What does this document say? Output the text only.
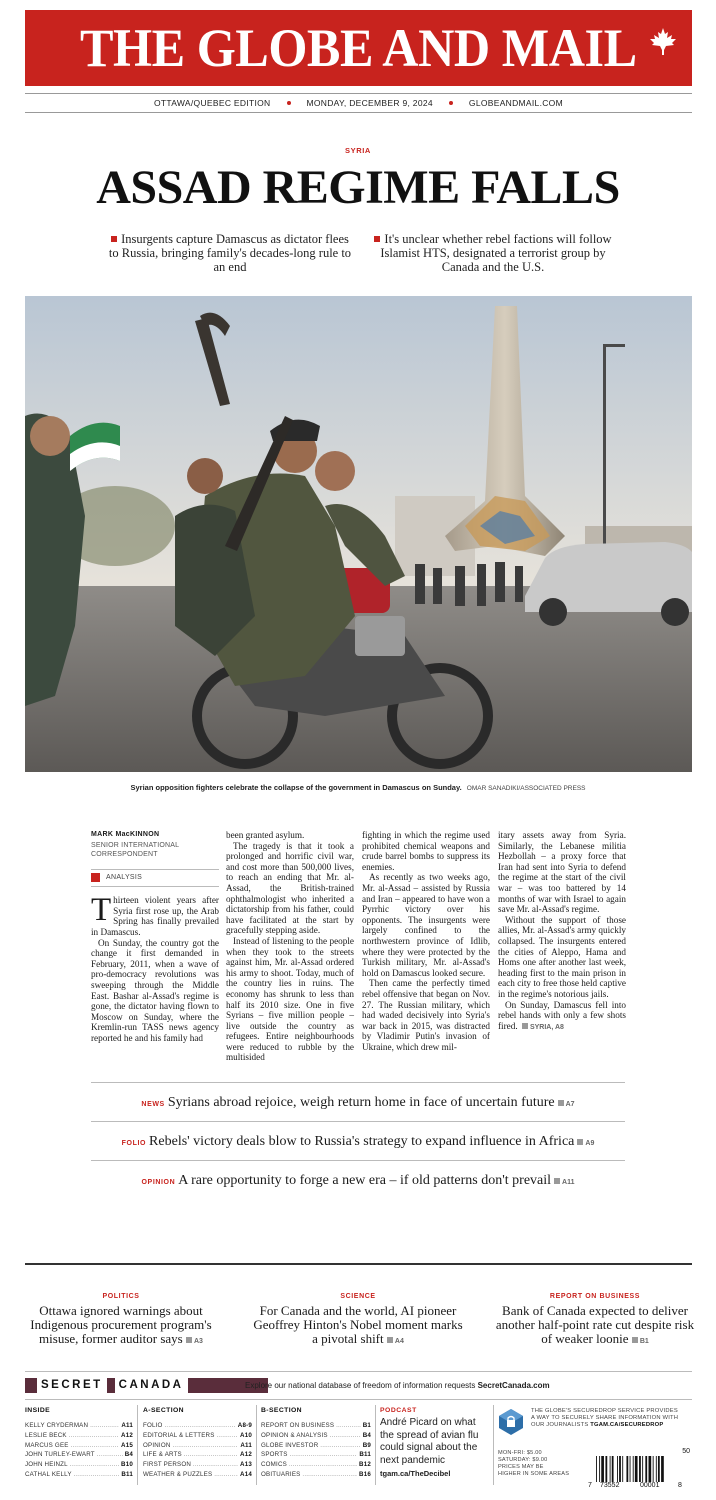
THE GLOBE AND MAIL
OTTAWA/QUEBEC EDITION	MONDAY, DECEMBER 9, 2024	GLOBEANDMAIL.COM
SYRIA
ASSAD REGIME FALLS
Insurgents capture Damascus as dictator flees to Russia, bringing family's decades-long rule to an end
It's unclear whether rebel factions will follow Islamist HTS, designated a terrorist group by Canada and the U.S.
Syrian opposition fighters celebrate the collapse of the government in Damascus on Sunday. OMAR SANADIKI/ASSOCIATED PRESS
MARK MacKINNON
SENIOR INTERNATIONAL
CORRESPONDENT
ANALYSIS

Thirteen violent years after Syria first rose up, the Arab Spring has finally prevailed in Damascus.

On Sunday, the country got the change it first demanded in February, 2011, when a wave of pro-democracy revolutions was sweeping through the Middle East. Bashar al-Assad's regime is gone, the dictator having flown to Moscow on Sunday, where the Kremlin-run TASS news agency reported he and his family had

been granted asylum.

The tragedy is that it took a prolonged and horrific civil war, and cost more than 500,000 lives, to reach an ending that Mr. al-Assad, the British-trained ophthalmologist who inherited a dictatorship from his father, could have facilitated at the start by gracefully stepping aside.

Instead of listening to the people when they took to the streets against him, Mr. al-Assad ordered his army to shoot. Today, much of the country lies in ruins. The economy has shrunk to less than half its 2010 size. One in five Syrians – five million people – live outside the country as refugees. Entire neighbourhoods were reduced to rubble by the multisided

fighting in which the regime used prohibited chemical weapons and crude barrel bombs to suppress its enemies.

As recently as two weeks ago, Mr. al-Assad – assisted by Russia and Iran – appeared to have won a Pyrrhic victory over his opponents. The insurgents were largely confined to the northwestern province of Idlib, where they were protected by the Turkish military, Mr. al-Assad's hold on Damascus looked secure.

Then came the perfectly timed rebel offensive that began on Nov. 27. The Russian military, which had waded decisively into Syria's war back in 2015, was distracted by Vladimir Putin's invasion of Ukraine, which drew mil-

itary assets away from Syria. Similarly, the Lebanese militia Hezbollah – a proxy force that Iran had sent into Syria to defend the regime at the start of the civil war – was too battered by 14 months of war with Israel to again save Mr. al-Assad's regime.

Without the support of those allies, Mr. al-Assad's army quickly collapsed. The insurgents entered the cities of Aleppo, Hama and Homs one after another last week, heading first to the main prison in each city to free those held captive in the regime's notorious jails.

On Sunday, Damascus fell into rebel hands with only a few shots fired. SYRIA, A8

NEWS Syrians abroad rejoice, weigh return home in face of uncertain future A7
FOLIO Rebels' victory deals blow to Russia's strategy to expand influence in Africa A9
OPINION A rare opportunity to forge a new era – if old patterns don't prevail A11
POLITICS
Ottawa ignored warnings about Indigenous procurement program's misuse, former auditor says A3
SCIENCE
For Canada and the world, AI pioneer Geoffrey Hinton's Nobel moment marks a pivotal shift A4
REPORT ON BUSINESS
Bank of Canada expected to deliver another half-point rate cut despite risk of weaker loonie B1
SECRET	CANADA	Explore our national database of freedom of information requests SecretCanada.com
INSIDE
KELLY CRYDERMAN .....	A11
LESLIE BECK .....	A12
MARCUS GEE .....	A15
JOHN TURLEY-EWART .....	B4
JOHN HEINZL .....	B10
CATHAL KELLY .....	B11
A-SECTION
FOLIO .....	A8-9
EDITORIAL & LETTERS .....	A10
OPINION .....	A11
LIFE & ARTS .....	A12
FIRST PERSON .....	A13
WEATHER & PUZZLES .....	A14
B-SECTION
REPORT ON BUSINESS .....	B1
OPINION & ANALYSIS .....	B4
GLOBE INVESTOR .....	B9
SPORTS .....	B11
COMICS .....	B12
OBITUARIES .....	B16
PODCAST
André Picard on what the spread of avian flu could signal about the next pandemic
tgam.ca/TheDecibel
THE GLOBE'S SECUREDROP SERVICE PROVIDES
A WAY TO SECURELY SHARE INFORMATION WITH
OUR JOURNALISTS TGAM.CA/SECUREDROP
MON-FRI: $5.00
SATURDAY: $9.00
PRICES MAY BE
HIGHER IN SOME AREAS
50
7 73552	00001	8
